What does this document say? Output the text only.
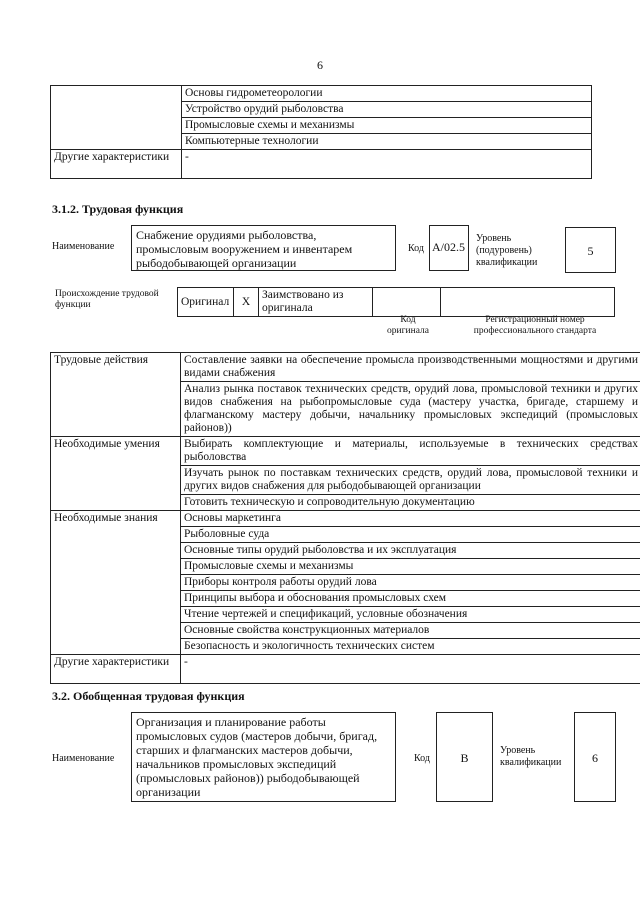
6
	Основы гидрометеорологии
	Устройство орудий рыболовства
	Промысловые схемы и механизмы
	Компьютерные технологии
Другие характеристики	-
3.1.2. Трудовая функция
Наименование
Снабжение орудиями рыболовства, промысловым вооружением и инвентарем рыбодобывающей организации
Код A/02.5
Уровень (подуровень) квалификации
5
Происхождение трудовой функции	Оригинал	X	Заимствовано из оригинала		
Код оригинала
Регистрационный номер профессионального стандарта
Трудовые действия	Составление заявки на обеспечение промысла производственными мощностями и другими видами снабжения
	Анализ рынка поставок технических средств, орудий лова, промысловой техники и других видов снабжения на рыбопромысловые суда (мастеру участка, бригаде, старшему и флагманскому мастеру добычи, начальнику промысловых экспедиций (промысловых районов))
Необходимые умения	Выбирать комплектующие и материалы, используемые в технических средствах рыболовства
	Изучать рынок по поставкам технических средств, орудий лова, промысловой техники и других видов снабжения для рыбодобывающей организации
	Готовить техническую и сопроводительную документацию
Необходимые знания	Основы маркетинга
	Рыболовные суда
	Основные типы орудий рыболовства и их эксплуатация
	Промысловые схемы и механизмы
	Приборы контроля работы орудий лова
	Принципы выбора и обоснования промысловых схем
	Чтение чертежей и спецификаций, условные обозначения
	Основные свойства конструкционных материалов
	Безопасность и экологичность технических систем
Другие характеристики	-
3.2. Обобщенная трудовая функция
Наименование
Организация и планирование работы промысловых судов (мастеров добычи, бригад, старших и флагманских мастеров добычи, начальников промысловых экспедиций (промысловых районов)) рыбодобывающей организации
Код	B
Уровень квалификации	6
